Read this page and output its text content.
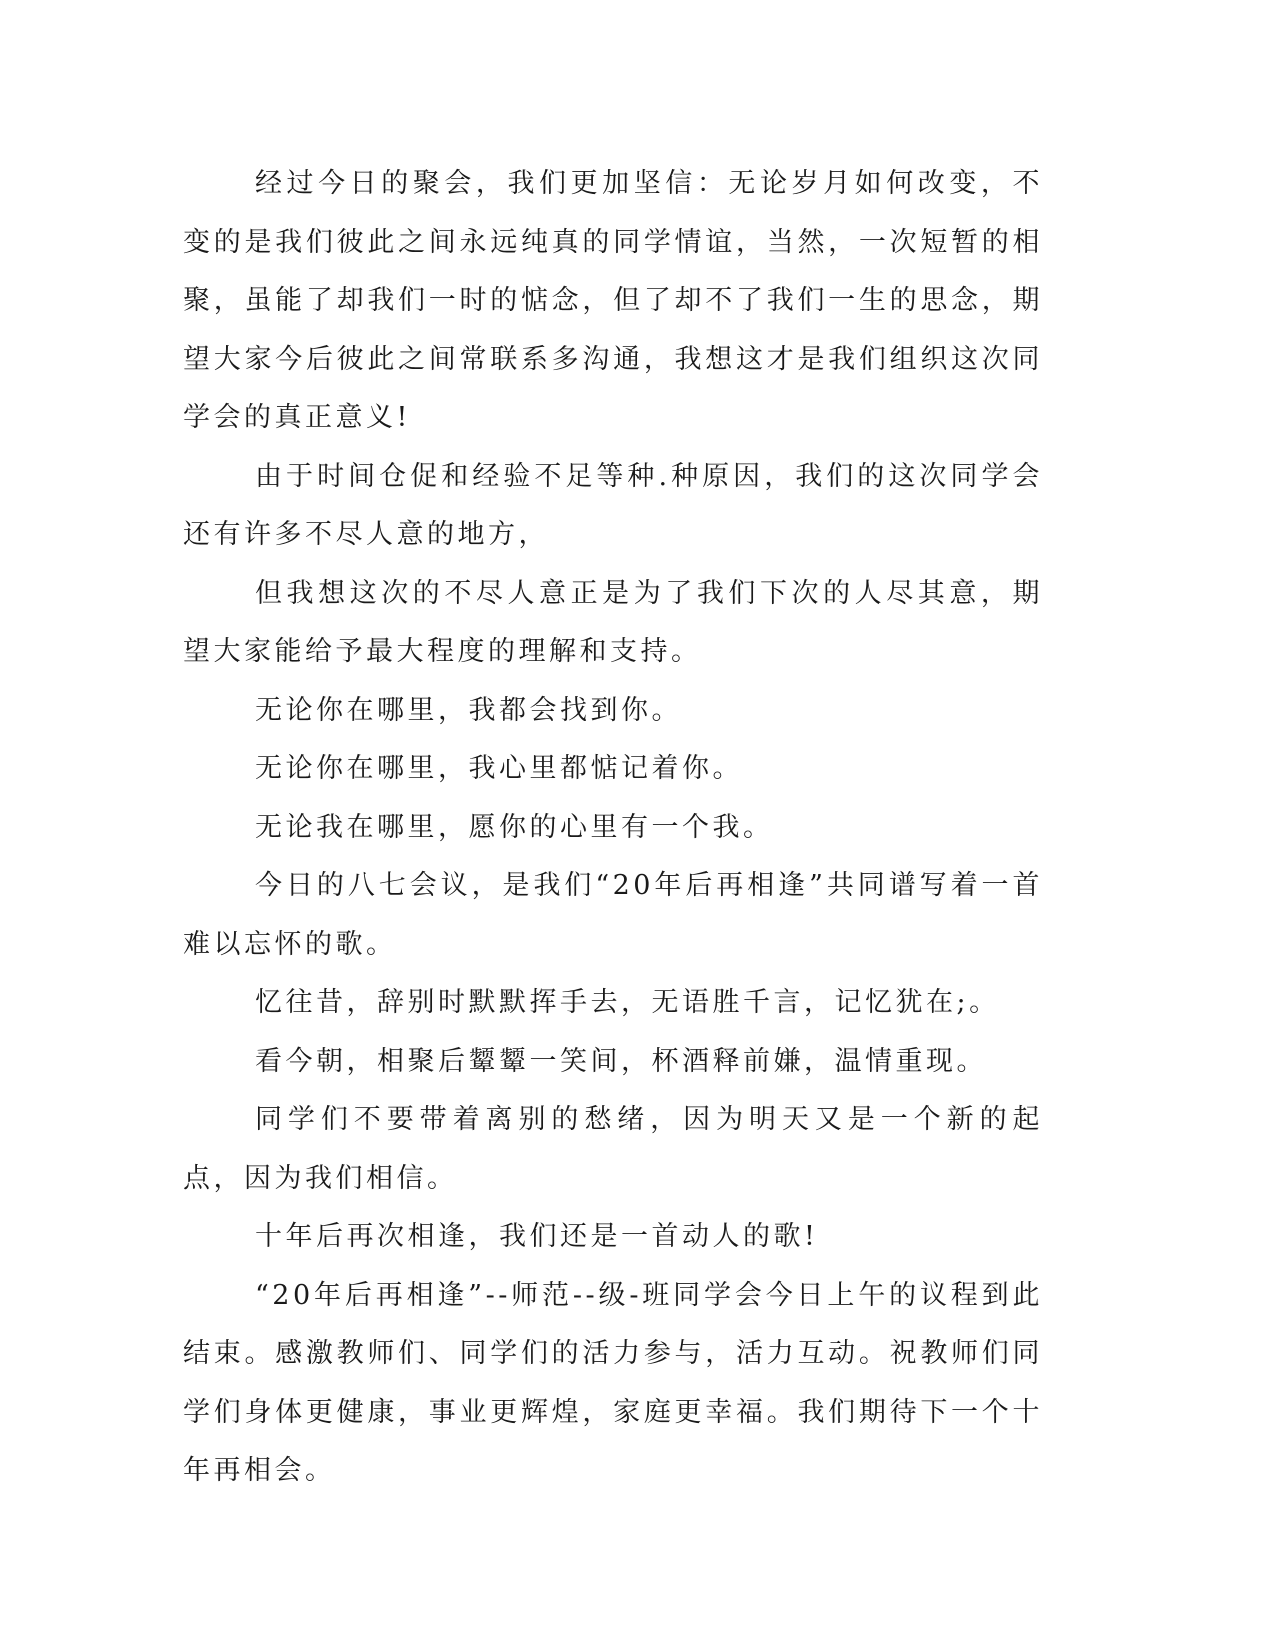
经过今日的聚会，我们更加坚信：无论岁月如何改变，不变的是我们彼此之间永远纯真的同学情谊，当然，一次短暂的相聚，虽能了却我们一时的惦念，但了却不了我们一生的思念，期望大家今后彼此之间常联系多沟通，我想这才是我们组织这次同学会的真正意义!

由于时间仓促和经验不足等种.种原因，我们的这次同学会还有许多不尽人意的地方，

但我想这次的不尽人意正是为了我们下次的人尽其意，期望大家能给予最大程度的理解和支持。

无论你在哪里，我都会找到你。

无论你在哪里，我心里都惦记着你。

无论我在哪里，愿你的心里有一个我。

今日的八七会议，是我们“20年后再相逢”共同谱写着一首难以忘怀的歌。

忆往昔，辞别时默默挥手去，无语胜千言，记忆犹在;。

看今朝，相聚后颦颦一笑间，杯酒释前嫌，温情重现。

同学们不要带着离别的愁绪，因为明天又是一个新的起点，因为我们相信。

十年后再次相逢，我们还是一首动人的歌!

“20年后再相逢”--师范--级-班同学会今日上午的议程到此结束。感激教师们、同学们的活力参与，活力互动。祝教师们同学们身体更健康，事业更辉煌，家庭更幸福。我们期待下一个十年再相会。
